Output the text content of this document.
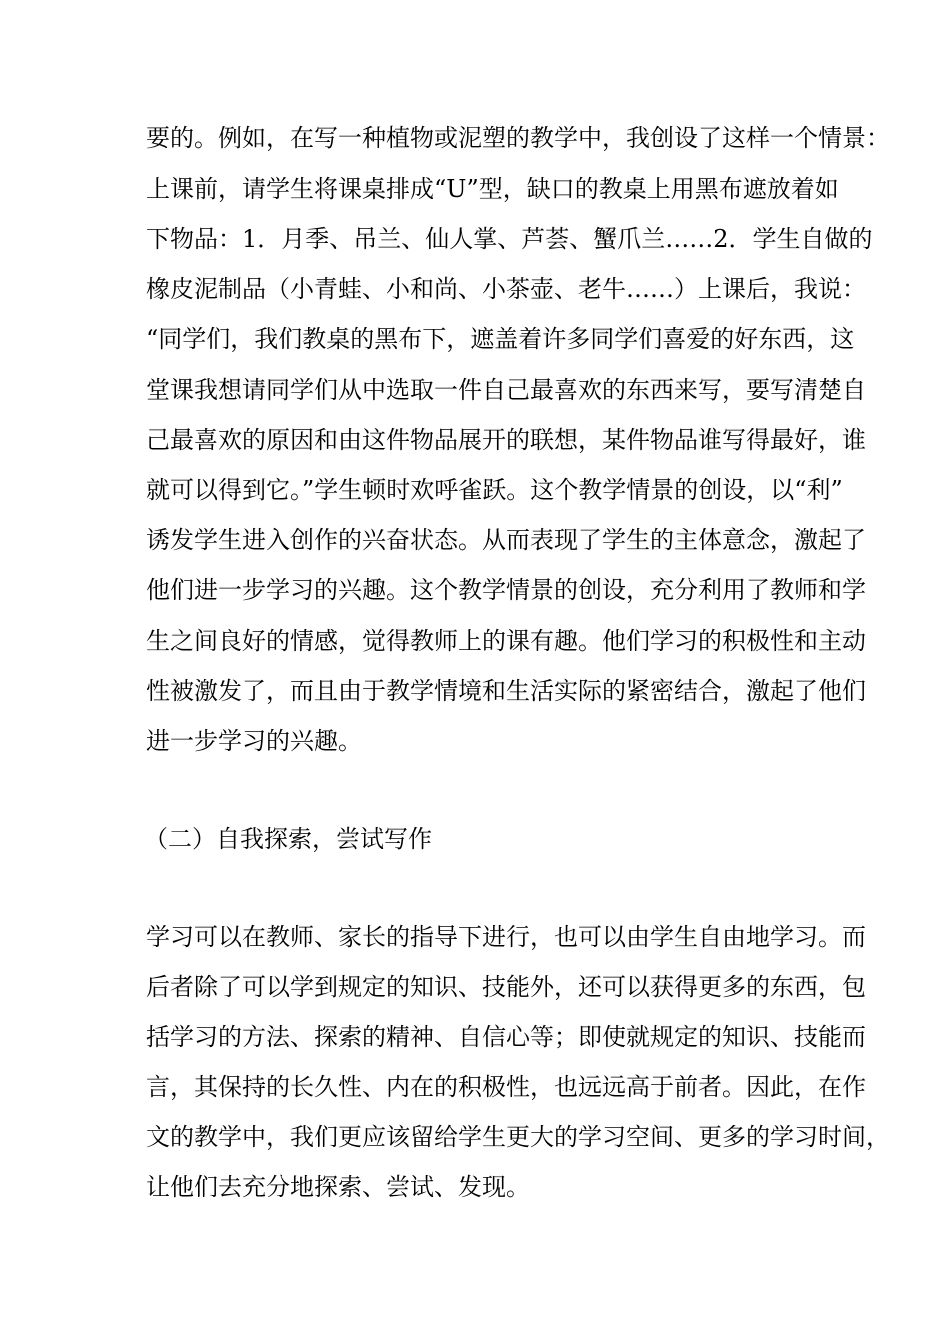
要的。例如，在写一种植物或泥塑的教学中，我创设了这样一个情景：
上课前，请学生将课桌排成“U”型，缺口的教桌上用黑布遮放着如
下物品：1．月季、吊兰、仙人掌、芦荟、蟹爪兰……2．学生自做的
橡皮泥制品（小青蛙、小和尚、小茶壶、老牛……）上课后，我说：
“同学们，我们教桌的黑布下，遮盖着许多同学们喜爱的好东西，这
堂课我想请同学们从中选取一件自己最喜欢的东西来写，要写清楚自
己最喜欢的原因和由这件物品展开的联想，某件物品谁写得最好，谁
就可以得到它。”学生顿时欢呼雀跃。这个教学情景的创设，以“利”
诱发学生进入创作的兴奋状态。从而表现了学生的主体意念，激起了
他们进一步学习的兴趣。这个教学情景的创设，充分利用了教师和学
生之间良好的情感，觉得教师上的课有趣。他们学习的积极性和主动
性被激发了，而且由于教学情境和生活实际的紧密结合，激起了他们
进一步学习的兴趣。
（二）自我探索，尝试写作
学习可以在教师、家长的指导下进行，也可以由学生自由地学习。而
后者除了可以学到规定的知识、技能外，还可以获得更多的东西，包
括学习的方法、探索的精神、自信心等；即使就规定的知识、技能而
言，其保持的长久性、内在的积极性，也远远高于前者。因此，在作
文的教学中，我们更应该留给学生更大的学习空间、更多的学习时间，
让他们去充分地探索、尝试、发现。
